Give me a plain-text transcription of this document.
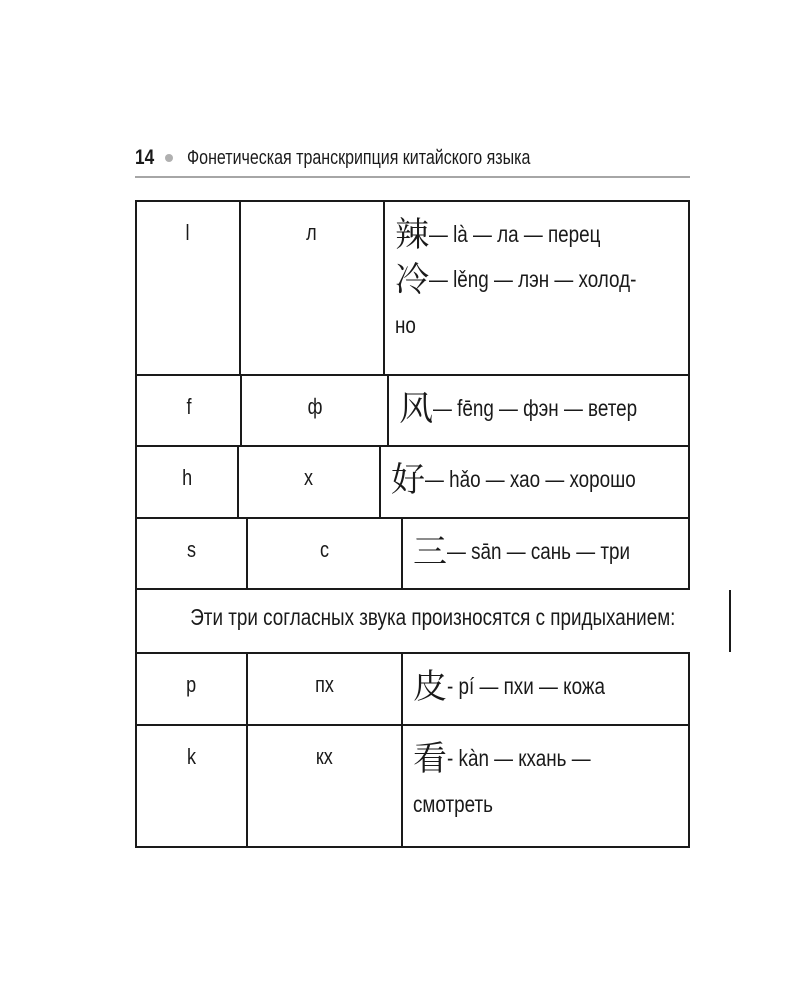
14 Фонетическая транскрипция китайского языка
l	л	辣— là — ла — перец
冷— lěng — лэн — холод-
но
f	ф	风— fēng — фэн — ветер
h	х	好— hǎo — хао — хорошо
s	с	三— sān — сань — три
Эти три согласных звука произносятся с придыханием:
p	пх	皮- pí — пхи — кожа
k	кх	看- kàn — кхань —
смотреть
